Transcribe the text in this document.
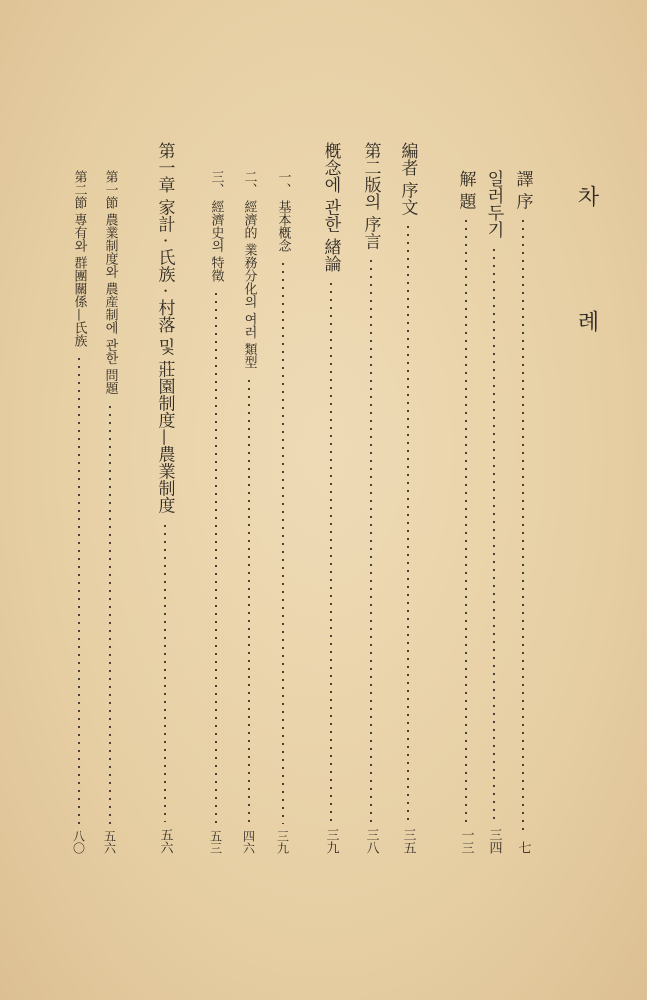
차 례
譯 序
七
일러두기
三四
解 題
一三
編者 序文
三五
第二版의 序言
三八
槪念에 관한 緖論
三九
一、 基本槪念
三九
二、 經濟的 業務分化의 여러 類型
四六
三、 經濟史의 特徵
五三
第一章 家計 · 氏族 · 村落 및 莊園制度—農業制度
五六
第一節 農業制度와 農産制에 관한 問題
五六
第二節 專有와 群團關係—氏族
八〇
